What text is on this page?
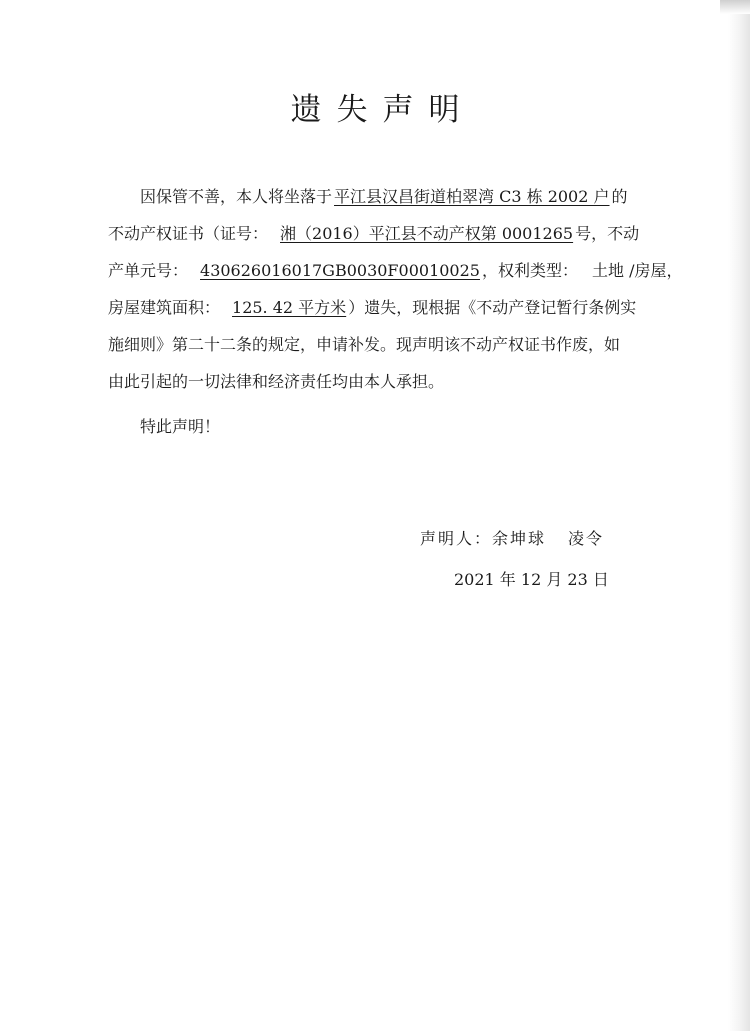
遗失声明
因保管不善，本人将坐落于 平江县汉昌街道柏翠湾 C3 栋 2002 户 的
不动产权证书（证号： 湘（2016）平江县不动产权第 0001265 号，不动
产单元号： 430626016017GB0030F00010025 ，权利类型： 土地 /房屋，
房屋建筑面积： 125. 42 平方米 ）遗失，现根据《不动产登记暂行条例实
施细则》第二十二条的规定，申请补发。现声明该不动产权证书作废，如
由此引起的一切法律和经济责任均由本人承担。
特此声明！
声明人：余坤球 凌令
2021 年 12 月 23 日
